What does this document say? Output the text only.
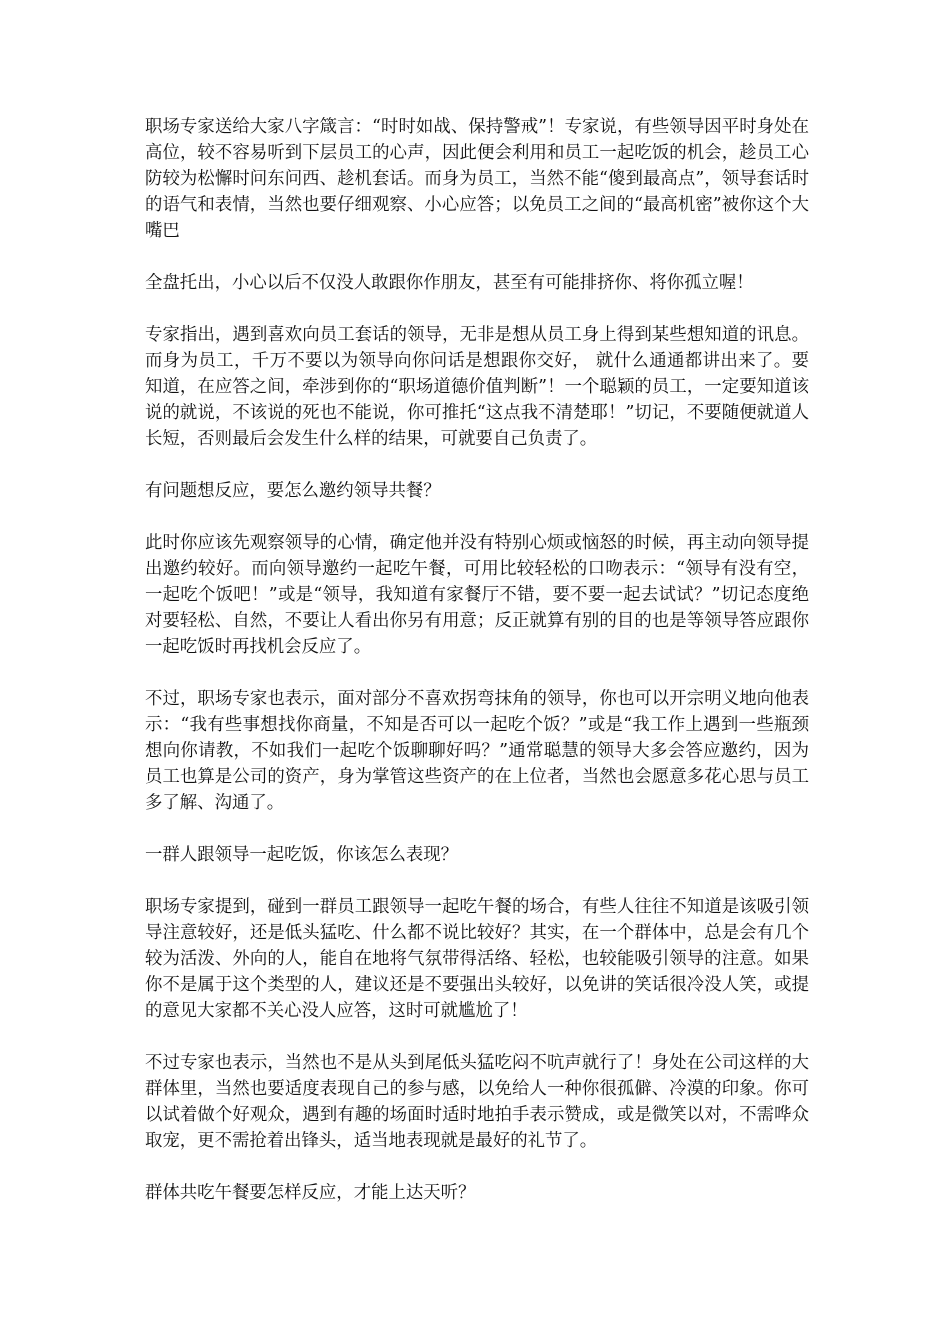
职场专家送给大家八字箴言：“时时如战、保持警戒”！专家说，有些领导因平时身处在高位，较不容易听到下层员工的心声，因此便会利用和员工一起吃饭的机会，趁员工心防较为松懈时问东问西、趁机套话。而身为员工，当然不能“傻到最高点”，领导套话时的语气和表情，当然也要仔细观察、小心应答；以免员工之间的“最高机密”被你这个大嘴巴

全盘托出，小心以后不仅没人敢跟你作朋友，甚至有可能排挤你、将你孤立喔！

专家指出，遇到喜欢向员工套话的领导，无非是想从员工身上得到某些想知道的讯息。而身为员工，千万不要以为领导向你问话是想跟你交好， 就什么通通都讲出来了。要知道，在应答之间，牵涉到你的“职场道德价值判断”！一个聪颖的员工，一定要知道该说的就说，不该说的死也不能说，你可推托“这点我不清楚耶！”切记，不要随便就道人长短，否则最后会发生什么样的结果，可就要自己负责了。

有问题想反应，要怎么邀约领导共餐？

此时你应该先观察领导的心情，确定他并没有特别心烦或恼怒的时候，再主动向领导提出邀约较好。而向领导邀约一起吃午餐，可用比较轻松的口吻表示：“领导有没有空，一起吃个饭吧！”或是“领导，我知道有家餐厅不错，要不要一起去试试？”切记态度绝对要轻松、自然，不要让人看出你另有用意；反正就算有别的目的也是等领导答应跟你一起吃饭时再找机会反应了。

不过，职场专家也表示，面对部分不喜欢拐弯抹角的领导，你也可以开宗明义地向他表示：“我有些事想找你商量，不知是否可以一起吃个饭？”或是“我工作上遇到一些瓶颈想向你请教，不如我们一起吃个饭聊聊好吗？”通常聪慧的领导大多会答应邀约，因为员工也算是公司的资产，身为掌管这些资产的在上位者，当然也会愿意多花心思与员工多了解、沟通了。

一群人跟领导一起吃饭，你该怎么表现？

职场专家提到，碰到一群员工跟领导一起吃午餐的场合，有些人往往不知道是该吸引领导注意较好，还是低头猛吃、什么都不说比较好？其实，在一个群体中，总是会有几个较为活泼、外向的人，能自在地将气氛带得活络、轻松，也较能吸引领导的注意。如果你不是属于这个类型的人，建议还是不要强出头较好，以免讲的笑话很冷没人笑，或提的意见大家都不关心没人应答，这时可就尴尬了！

不过专家也表示，当然也不是从头到尾低头猛吃闷不吭声就行了！身处在公司这样的大群体里，当然也要适度表现自己的参与感，以免给人一种你很孤僻、冷漠的印象。你可以试着做个好观众，遇到有趣的场面时适时地拍手表示赞成，或是微笑以对，不需哗众取宠，更不需抢着出锋头，适当地表现就是最好的礼节了。

群体共吃午餐要怎样反应，才能上达天听？
